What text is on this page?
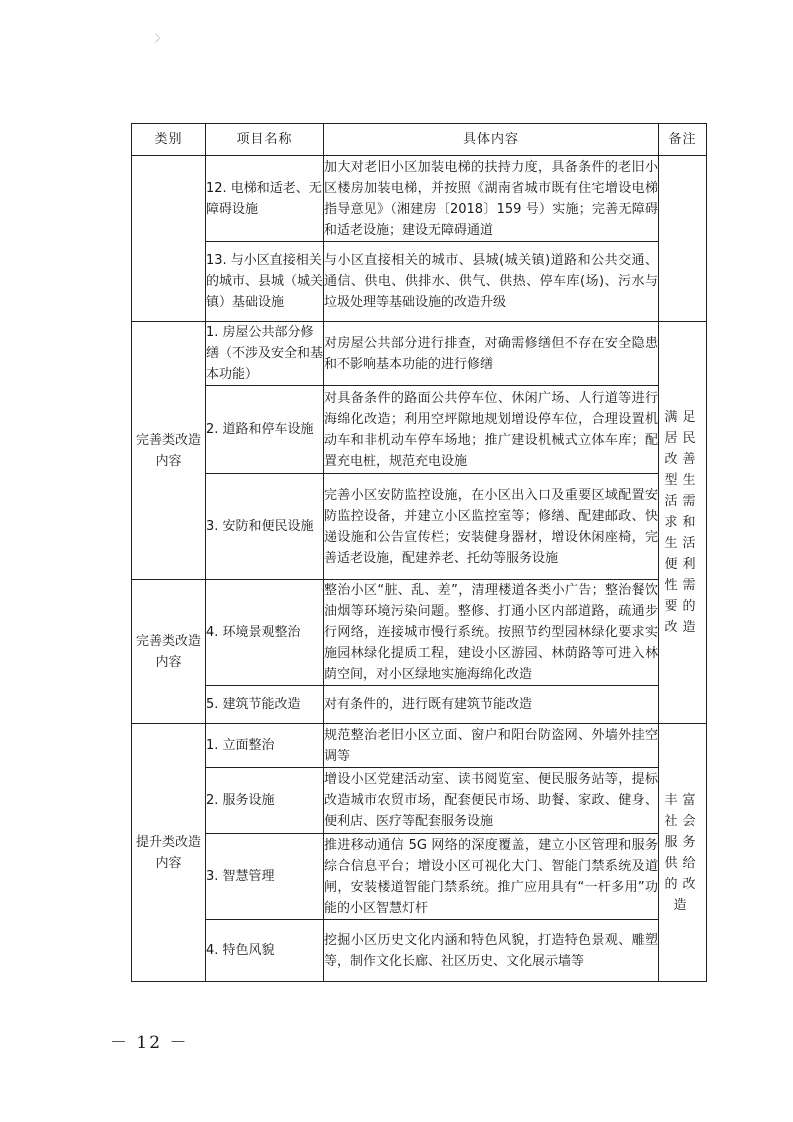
〉
类别	项目名称	具体内容	备注
	12. 电梯和适老、无障碍设施	加大对老旧小区加装电梯的扶持力度，具备条件的老旧小区楼房加装电梯，并按照《湖南省城市既有住宅增设电梯指导意见》（湘建房〔2018〕159 号）实施；完善无障碍和适老设施；建设无障碍通道	

	13. 与小区直接相关的城市、县城（城关镇）基础设施	与小区直接相关的城市、县城(城关镇)道路和公共交通、通信、供电、供排水、供气、供热、停车库(场)、污水与垃圾处理等基础设施的改造升级	
完善类改造内容	1. 房屋公共部分修缮（不涉及安全和基本功能）	对房屋公共部分进行排查，对确需修缮但不存在安全隐患和不影响基本功能的进行修缮	满足居民改善型生活需求和生活便利性需要的改造

	2. 道路和停车设施	对具备条件的路面公共停车位、休闲广场、人行道等进行海绵化改造；利用空坪隙地规划增设停车位，合理设置机动车和非机动车停车场地；推广建设机械式立体车库；配置充电桩，规范充电设施	
	3. 安防和便民设施	完善小区安防监控设施，在小区出入口及重要区域配置安防监控设备，并建立小区监控室等；修缮、配建邮政、快递设施和公告宣传栏；安装健身器材，增设休闲座椅，完善适老设施，配建养老、托幼等服务设施	
完善类改造内容	4. 环境景观整治	整治小区“脏、乱、差”，清理楼道各类小广告；整治餐饮油烟等环境污染问题。整修、打通小区内部道路，疏通步行网络，连接城市慢行系统。按照节约型园林绿化要求实施园林绿化提质工程，建设小区游园、林荫路等可进入林荫空间，对小区绿地实施海绵化改造	
	5. 建筑节能改造	对有条件的，进行既有建筑节能改造	
提升类改造内容	1. 立面整治	规范整治老旧小区立面、窗户和阳台防盗网、外墙外挂空调等	丰富社会服务供给的改造

	2. 服务设施	增设小区党建活动室、读书阅览室、便民服务站等，提标改造城市农贸市场，配套便民市场、助餐、家政、健身、便利店、医疗等配套服务设施	
	3. 智慧管理	推进移动通信 5G 网络的深度覆盖，建立小区管理和服务综合信息平台；增设小区可视化大门、智能门禁系统及道闸，安装楼道智能门禁系统。推广应用具有“一杆多用”功能的小区智慧灯杆	
	4. 特色风貌	挖掘小区历史文化内涵和特色风貌，打造特色景观、雕塑等，制作文化长廊、社区历史、文化展示墙等	
－ 12 －
